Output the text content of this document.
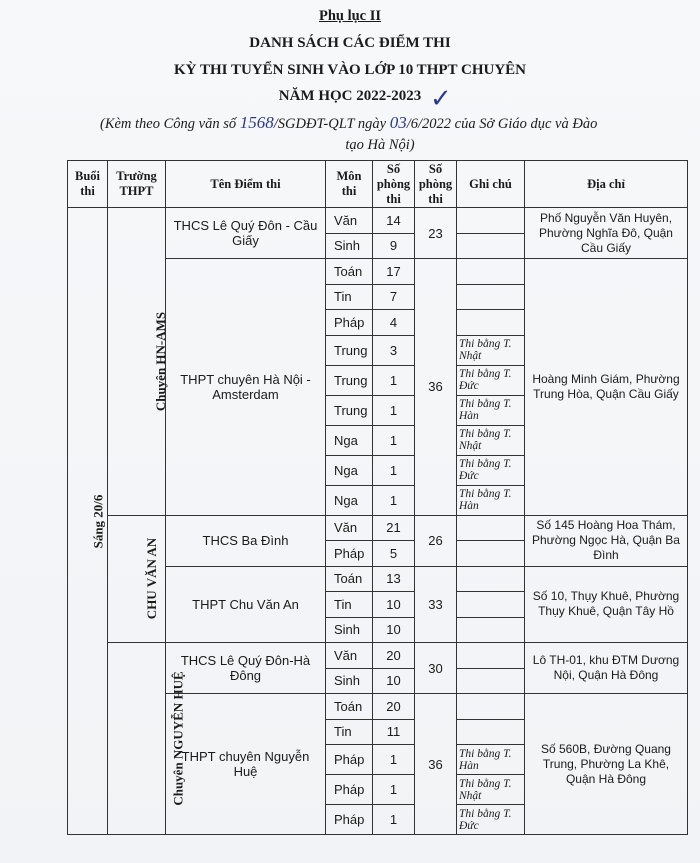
Phụ lục II
DANH SÁCH CÁC ĐIỂM THI
KỲ THI TUYỂN SINH VÀO LỚP 10 THPT CHUYÊN
NĂM HỌC 2022-2023 ✓
(Kèm theo Công văn số 1568/SGDĐT-QLT ngày 03/6/2022 của Sở Giáo dục và Đào
tạo Hà Nội)
Buổi thi	Trường THPT	Tên Điểm thi	Môn thi	Số phòng thi	Số phòng thi	Ghi chú	Địa chỉ
Sáng 20/6	Chuyên HN-AMS	THCS Lê Quý Đôn - Cầu Giấy	Văn	14	23		Phố Nguyễn Văn Huyên, Phường Nghĩa Đô, Quận Cầu Giấy
			Sinh	9			
		THPT chuyên Hà Nội - Amsterdam	Toán	17	36		Hoàng Minh Giám, Phường Trung Hòa, Quận Cầu Giấy
			Tin	7			
			Pháp	4			
			Trung	3		Thi bằng T. Nhật	
			Trung	1		Thi bằng T. Đức	
			Trung	1		Thi bằng T. Hàn	
			Nga	1		Thi bằng T. Nhật	
			Nga	1		Thi bằng T. Đức	
			Nga	1		Thi bằng T. Hàn	
	CHU VĂN AN	THCS Ba Đình	Văn	21	26		Số 145 Hoàng Hoa Thám, Phường Ngọc Hà, Quận Ba Đình
			Pháp	5			
		THPT Chu Văn An	Toán	13	33		Số 10, Thụy Khuê, Phường Thụy Khuê, Quận Tây Hồ
			Tin	10			
			Sinh	10			
	Chuyên NGUYỄN HUỆ	THCS Lê Quý Đôn-Hà Đông	Văn	20	30		Lô TH-01, khu ĐTM Dương Nội, Quận Hà Đông
			Sinh	10			
		THPT chuyên Nguyễn Huệ	Toán	20	36		Số 560B, Đường Quang Trung, Phường La Khê, Quận Hà Đông
			Tin	11			
			Pháp	1		Thi bằng T. Hàn	
			Pháp	1		Thi bằng T. Nhật	
			Pháp	1		Thi bằng T. Đức	
